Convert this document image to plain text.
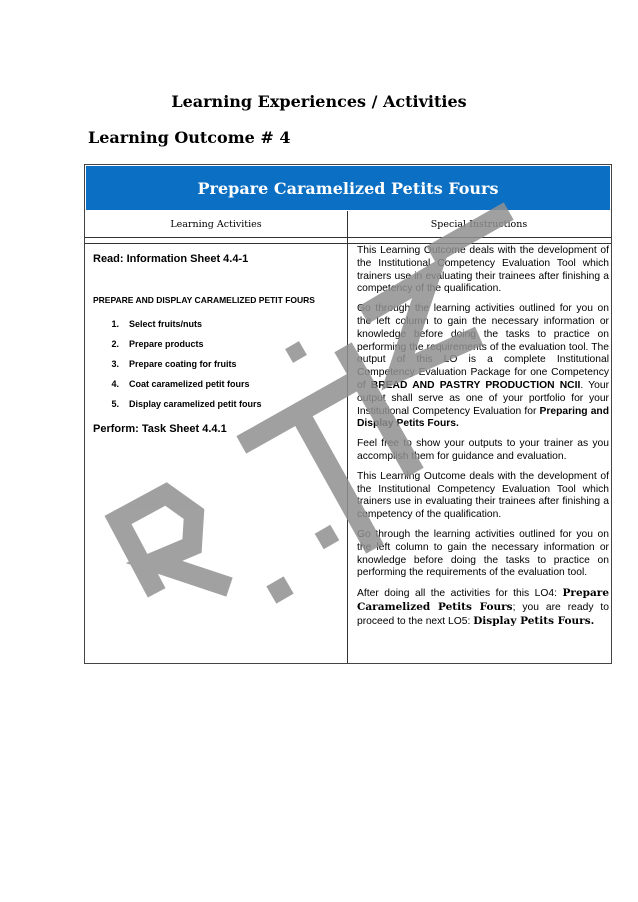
Learning Experiences / Activities
Learning Outcome # 4
Prepare Caramelized Petits Fours
Learning Activities	Special Instructions
Read: Information Sheet 4.4-1
PREPARE AND DISPLAY CARAMELIZED PETIT FOURS
1. Select fruits/nuts
2. Prepare products
3. Prepare coating for fruits
4. Coat caramelized petit fours
5. Display caramelized petit fours
Perform: Task Sheet 4.4.1

This Learning Outcome deals with the development of the Institutional Competency Evaluation Tool which trainers use in evaluating their trainees after finishing a competency of the qualification.

Go through the learning activities outlined for you on the left column to gain the necessary information or knowledge before doing the tasks to practice on performing the requirements of the evaluation tool. The output of this LO is a complete Institutional Competency Evaluation Package for one Competency of BREAD AND PASTRY PRODUCTION NCII. Your output shall serve as one of your portfolio for your Institutional Competency Evaluation for Preparing and Display Petits Fours.

Feel free to show your outputs to your trainer as you accomplish them for guidance and evaluation.

This Learning Outcome deals with the development of the Institutional Competency Evaluation Tool which trainers use in evaluating their trainees after finishing a competency of the qualification.

Go through the learning activities outlined for you on the left column to gain the necessary information or knowledge before doing the tasks to practice on performing the requirements of the evaluation tool.

After doing all the activities for this LO4: Prepare Caramelized Petits Fours; you are ready to proceed to the next LO5: Display Petits Fours.
